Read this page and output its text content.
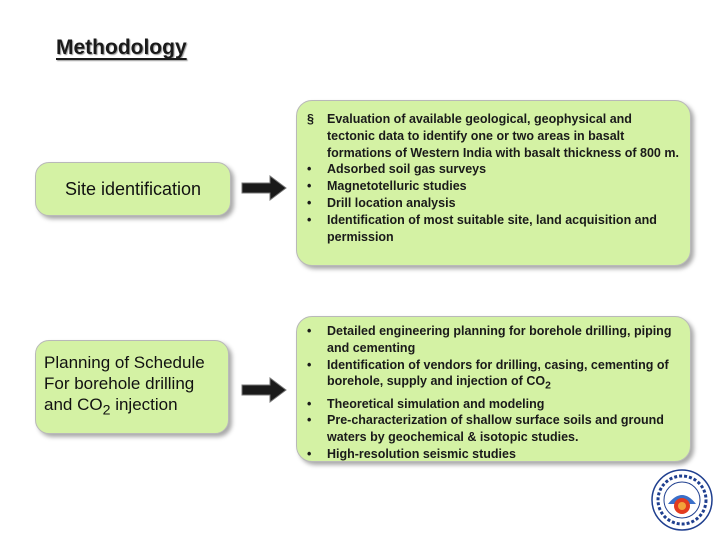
Methodology
Site identification
§	Evaluation of available geological, geophysical and tectonic data to identify one or two areas in basalt formations of Western India with basalt thickness of 800 m.
•	Adsorbed soil gas surveys
•	Magnetotelluric studies
•	Drill location analysis
•	Identification of most suitable site, land acquisition and permission
Planning of Schedule
For borehole drilling
and $CO_2$ injection
•	Detailed engineering planning for borehole drilling, piping and cementing
•	Identification of vendors for drilling, casing, cementing of borehole, supply and injection of $CO_2$
•	Theoretical simulation and modeling
•	Pre-characterization of shallow surface soils and ground waters by geochemical & isotopic studies.
•	High-resolution seismic studies
